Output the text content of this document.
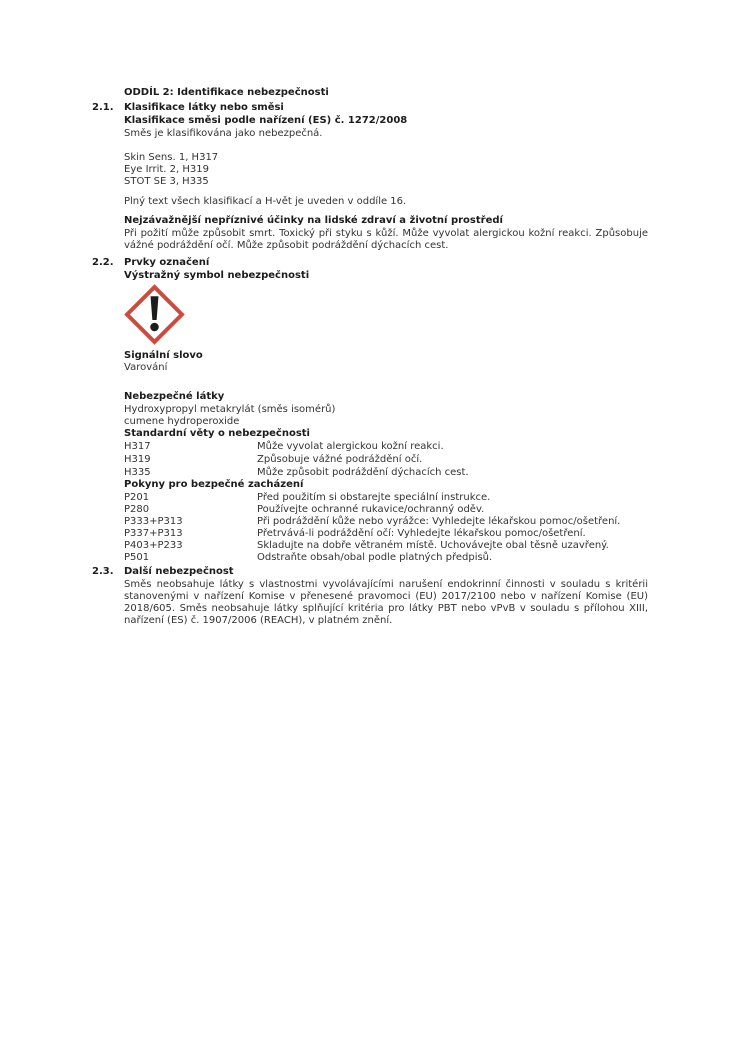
ODDÍL 2: Identifikace nebezpečnosti
2.1. Klasifikace látky nebo směsi
Klasifikace směsi podle nařízení (ES) č. 1272/2008
Směs je klasifikována jako nebezpečná.
Skin Sens. 1, H317
Eye Irrit. 2, H319
STOT SE 3, H335
Plný text všech klasifikací a H-vět je uveden v oddíle 16.
Nejzávažnější nepříznivé účinky na lidské zdraví a životní prostředí
Při požití může způsobit smrt. Toxický při styku s kůží. Může vyvolat alergickou kožní reakci. Způsobuje vážné podráždění očí. Může způsobit podráždění dýchacích cest.
2.2. Prvky označení
Výstražný symbol nebezpečnosti
Signální slovo
Varování
Nebezpečné látky
Hydroxypropyl metakrylát (směs isomérů)
cumene hydroperoxide
Standardní věty o nebezpečnosti
H317	Může vyvolat alergickou kožní reakci.
H319	Způsobuje vážné podráždění očí.
H335	Může způsobit podráždění dýchacích cest.
Pokyny pro bezpečné zacházení
P201	Před použitím si obstarejte speciální instrukce.
P280	Používejte ochranné rukavice/ochranný oděv.
P333+P313	Při podráždění kůže nebo vyrážce: Vyhledejte lékařskou pomoc/ošetření.
P337+P313	Přetrvává-li podráždění očí: Vyhledejte lékařskou pomoc/ošetření.
P403+P233	Skladujte na dobře větraném místě. Uchovávejte obal těsně uzavřený.
P501	Odstraňte obsah/obal podle platných předpisů.
2.3. Další nebezpečnost
Směs neobsahuje látky s vlastnostmi vyvolávajícími narušení endokrinní činnosti v souladu s kritérii stanovenými v nařízení Komise v přenesené pravomoci (EU) 2017/2100 nebo v nařízení Komise (EU) 2018/605. Směs neobsahuje látky splňující kritéria pro látky PBT nebo vPvB v souladu s přílohou XIII, nařízení (ES) č. 1907/2006 (REACH), v platném znění.
